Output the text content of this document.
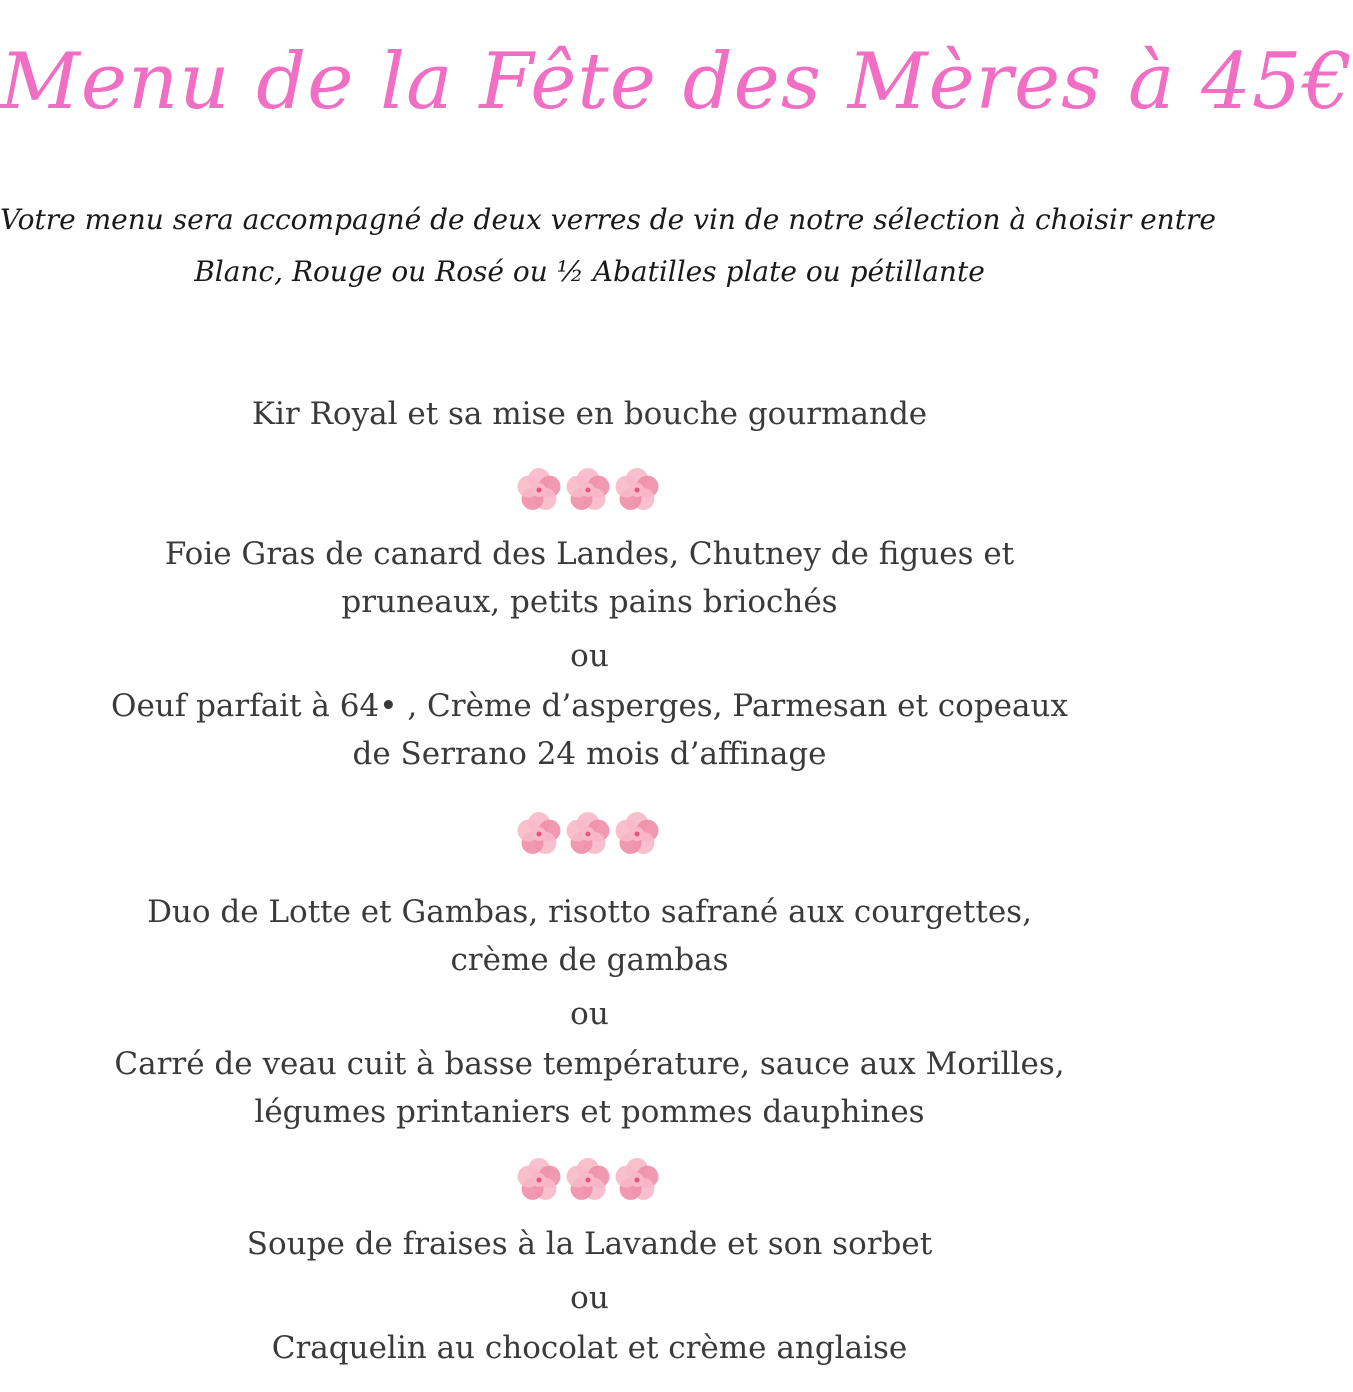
Menu de la Fête des Mères à 45€
Votre menu sera accompagné de deux verres de vin de notre sélection à choisir entre
Blanc, Rouge ou Rosé ou ½ Abatilles plate ou pétillante
Kir Royal et sa mise en bouche gourmande
Foie Gras de canard des Landes, Chutney de figues et
pruneaux, petits pains briochés
ou
Oeuf parfait à 64• , Crème d’asperges, Parmesan et copeaux
de Serrano 24 mois d’affinage
Duo de Lotte et Gambas, risotto safrané aux courgettes,
crème de gambas
ou
Carré de veau cuit à basse température, sauce aux Morilles,
légumes printaniers et pommes dauphines
Soupe de fraises à la Lavande et son sorbet
ou
Craquelin au chocolat et crème anglaise
